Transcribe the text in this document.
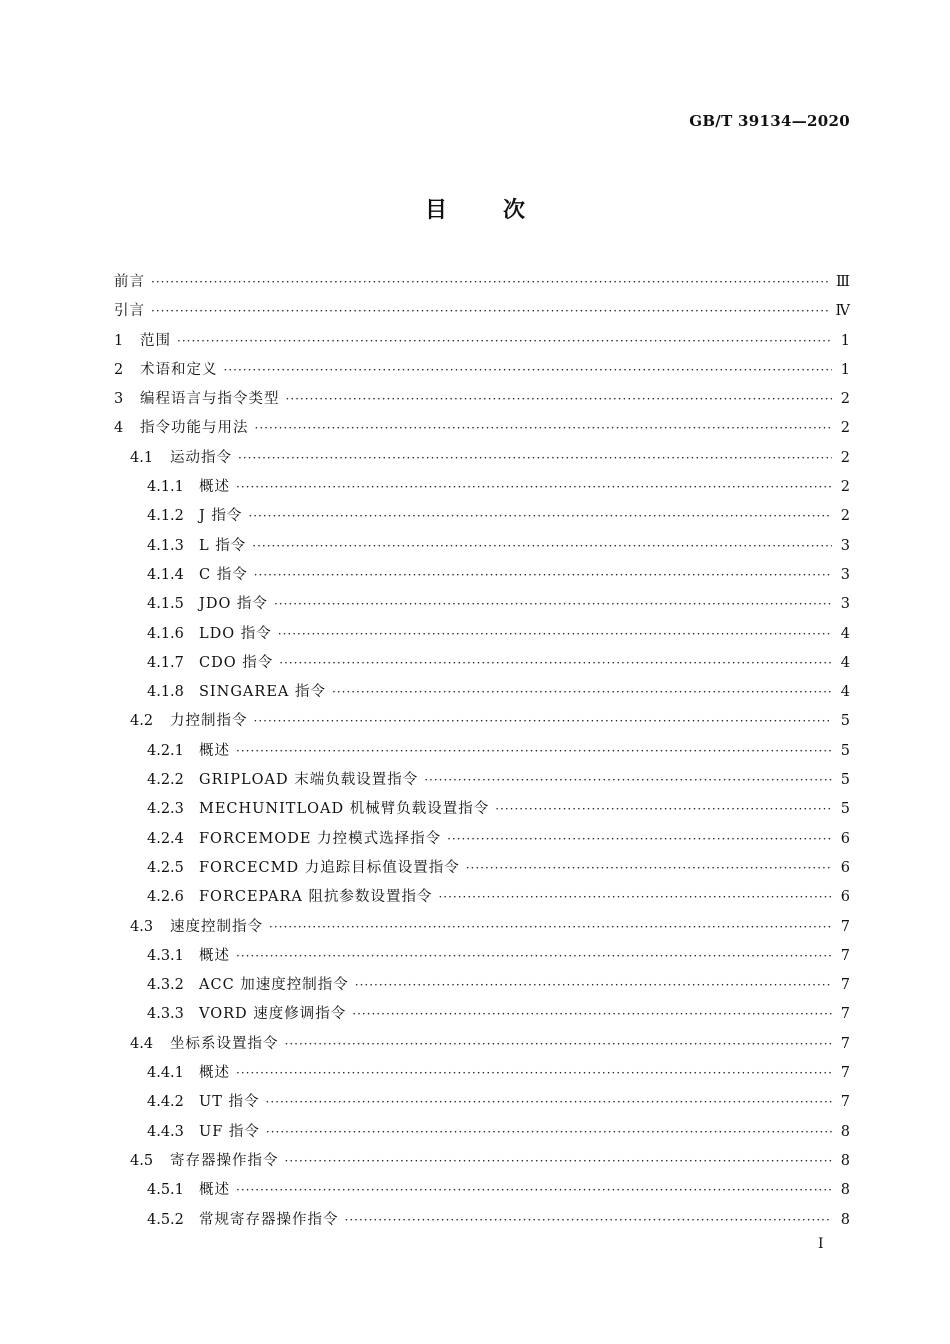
GB/T 39134—2020
目	次
前言 ·····	Ⅲ
引言 ·····	Ⅳ
1	范围 ·····	1
2	术语和定义 ·····	1
3	编程语言与指令类型 ·····	2
4	指令功能与用法 ·····	2
4.1	运动指令 ·····	2
4.1.1	概述 ·····	2
4.1.2	J 指令 ·····	2
4.1.3	L 指令 ·····	3
4.1.4	C 指令 ·····	3
4.1.5	JDO 指令 ·····	3
4.1.6	LDO 指令 ·····	4
4.1.7	CDO 指令 ·····	4
4.1.8	SINGAREA 指令 ·····	4
4.2	力控制指令 ·····	5
4.2.1	概述 ·····	5
4.2.2	GRIPLOAD 末端负载设置指令 ·····	5
4.2.3	MECHUNITLOAD 机械臂负载设置指令 ·····	5
4.2.4	FORCEMODE 力控模式选择指令 ·····	6
4.2.5	FORCECMD 力追踪目标值设置指令 ·····	6
4.2.6	FORCEPARA 阻抗参数设置指令 ·····	6
4.3	速度控制指令 ·····	7
4.3.1	概述 ·····	7
4.3.2	ACC 加速度控制指令 ·····	7
4.3.3	VORD 速度修调指令 ·····	7
4.4	坐标系设置指令 ·····	7
4.4.1	概述 ·····	7
4.4.2	UT 指令 ·····	7
4.4.3	UF 指令 ·····	8
4.5	寄存器操作指令 ·····	8
4.5.1	概述 ·····	8
4.5.2	常规寄存器操作指令 ·····	8
I
